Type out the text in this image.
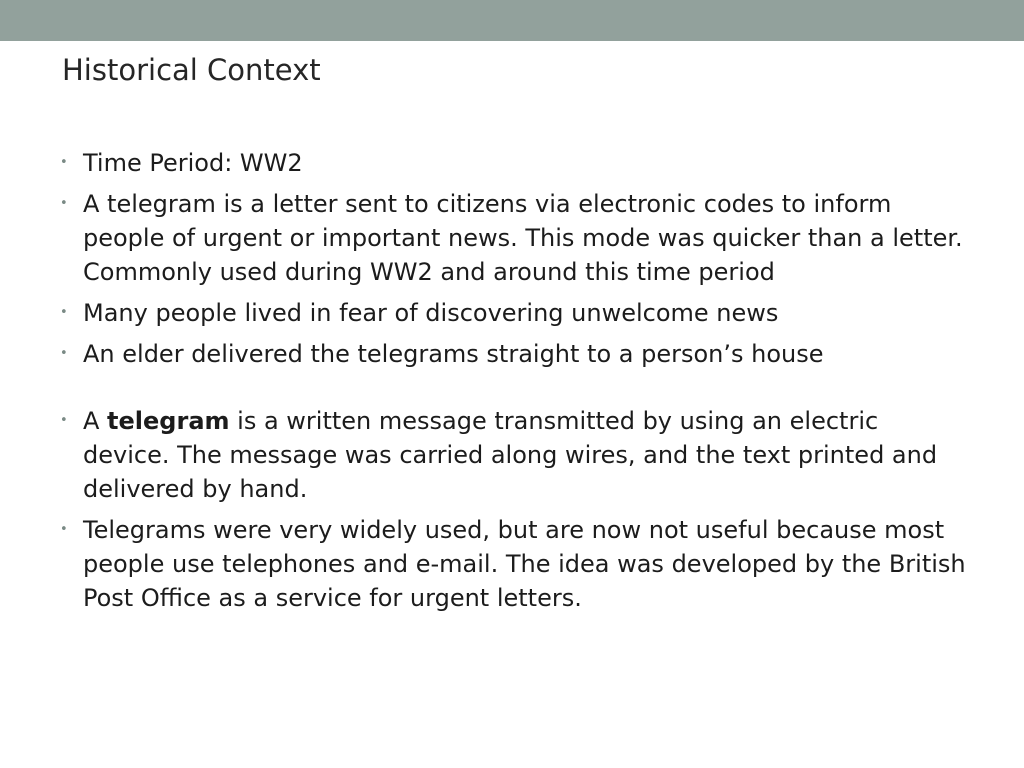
Historical Context
• Time Period: WW2
• A telegram is a letter sent to citizens via electronic codes to inform people of urgent or important news. This mode was quicker than a letter. Commonly used during WW2 and around this time period
• Many people lived in fear of discovering unwelcome news
• An elder delivered the telegrams straight to a person’s house
• A telegram is a written message transmitted by using an electric device. The message was carried along wires, and the text printed and delivered by hand.
• Telegrams were very widely used, but are now not useful because most people use telephones and e-mail. The idea was developed by the British Post Office as a service for urgent letters.
